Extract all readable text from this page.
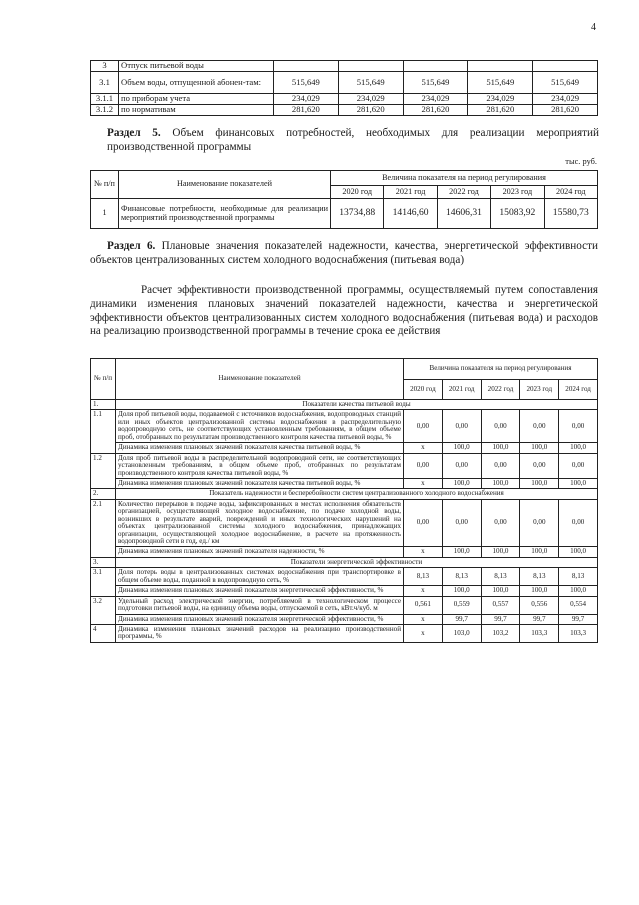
4
3	Отпуск питьевой воды					
3.1	Объем воды, отпущенной абонен-там:	515,649	515,649	515,649	515,649	515,649
3.1.1	по приборам учета	234,029	234,029	234,029	234,029	234,029
3.1.2	по нормативам	281,620	281,620	281,620	281,620	281,620
Раздел 5. Объем финансовых потребностей, необходимых для реализации мероприятий производственной программы
тыс. руб.
№ п/п	Наименование показателей	Величина показателя на период регулирования				
		2020 год	2021 год	2022 год	2023 год	2024 год
1	Финансовые потребности, необходимые для реализации мероприятий производственной программы	13734,88	14146,60	14606,31	15083,92	15580,73
Раздел 6. Плановые значения показателей надежности, качества, энергетической эффективности объектов централизованных систем холодного водоснабжения (питьевая вода)
Расчет эффективности производственной программы, осуществляемый путем сопоставления динамики изменения плановых значений показателей надежности, качества и энергетической эффективности объектов централизованных систем холодного водоснабжения (питьевая вода) и расходов на реализацию производственной программы в течение срока ее действия
№ п/п	Наименование показателей	Величина показателя на период регулирования				
		2020 год	2021 год	2022 год	2023 год	2024 год
1.	Показатели качества питьевой воды					
1.1	Доля проб питьевой воды, подаваемой с источников водоснабжения, водопроводных станций или иных объектов централизованной системы водоснабжения в распределительную водопроводную сеть, не соответствующих установленным требованиям, в общем объеме проб, отобранных по результатам производственного контроля качества питьевой воды, %	0,00	0,00	0,00	0,00	0,00
	Динамика изменения плановых значений показателя качества питьевой воды, %	x	100,0	100,0	100,0	100,0
1.2	Доля проб питьевой воды в распределительной водопроводной сети, не соответствующих установленным требованиям, в общем объеме проб, отобранных по результатам производственного контроля качества питьевой воды, %	0,00	0,00	0,00	0,00	0,00
	Динамика изменения плановых значений показателя качества питьевой воды, %	x	100,0	100,0	100,0	100,0
2.	Показатель надежности и бесперебойности систем централизованного холодного водоснабжения					
2.1	Количество перерывов в подаче воды, зафиксированных в местах исполнения обязательств организацией, осуществляющей холодное водоснабжение, по подаче холодной воды, возникших в результате аварий, повреждений и иных технологических нарушений на объектах централизованной системы холодного водоснабжения, принадлежащих организации, осуществляющей холодное водоснабжение, в расчете на протяженность водопроводной сети в год, ед./ км	0,00	0,00	0,00	0,00	0,00
	Динамика изменения плановых значений показателя надежности, %	x	100,0	100,0	100,0	100,0
3.	Показатели энергетической эффективности					
3.1	Доля потерь воды в централизованных системах водоснабжения при транспортировке в общем объеме воды, поданной в водопроводную сеть, %	8,13	8,13	8,13	8,13	8,13
	Динамика изменения плановых значений показателя энергетической эффективности, %	x	100,0	100,0	100,0	100,0
3.2	Удельный расход электрической энергии, потребляемой в технологическом процессе подготовки питьевой воды, на единицу объема воды, отпускаемой в сеть, кВт.ч/куб. м	0,561	0,559	0,557	0,556	0,554
	Динамика изменения плановых значений показателя энергетической эффективности, %	x	99,7	99,7	99,7	99,7
4	Динамика изменения плановых значений расходов на реализацию производственной программы, %	x	103,0	103,2	103,3	103,3
